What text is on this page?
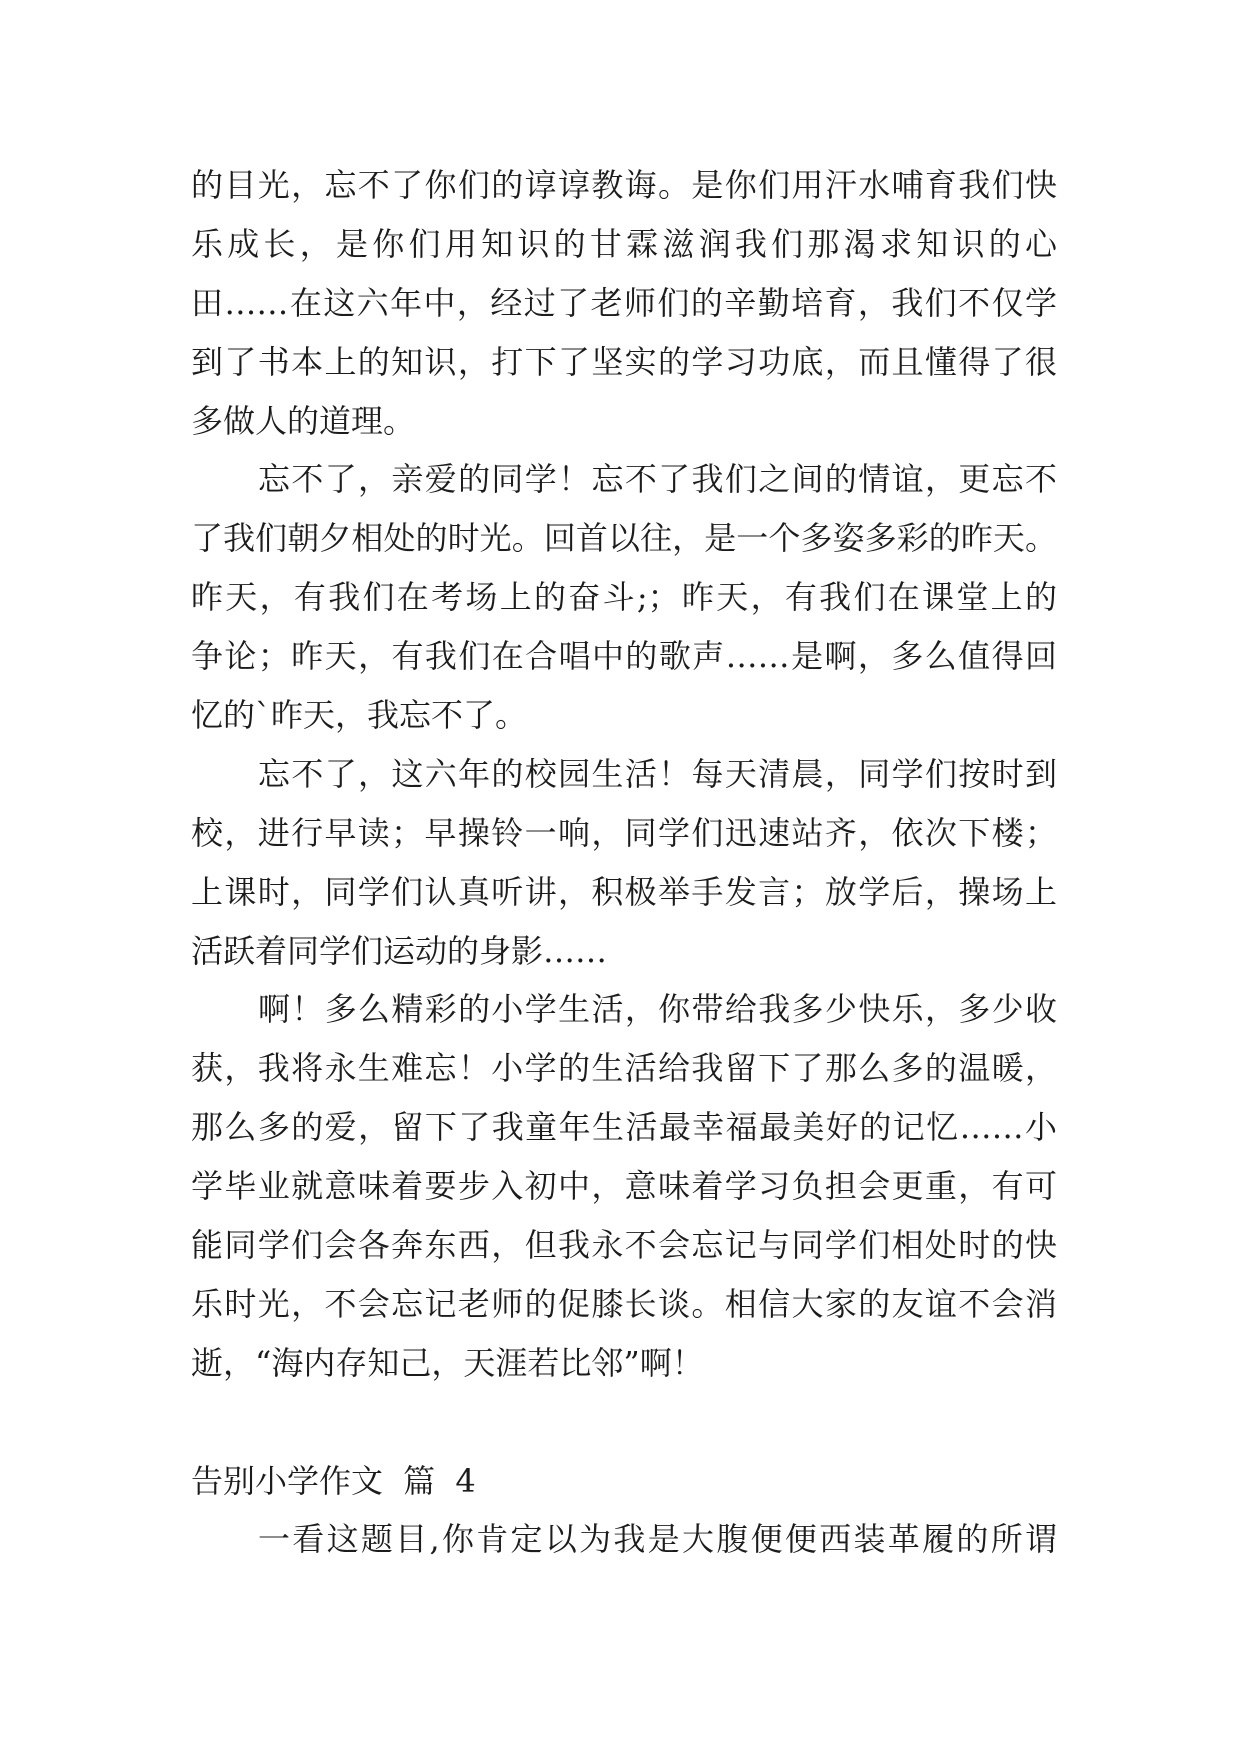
的目光，忘不了你们的谆谆教诲。是你们用汗水哺育我们快
乐成长，是你们用知识的甘霖滋润我们那渴求知识的心
田……在这六年中，经过了老师们的辛勤培育，我们不仅学
到了书本上的知识，打下了坚实的学习功底，而且懂得了很
多做人的道理。
忘不了，亲爱的同学！忘不了我们之间的情谊，更忘不
了我们朝夕相处的时光。回首以往，是一个多姿多彩的昨天。
昨天，有我们在考场上的奋斗;；昨天，有我们在课堂上的
争论；昨天，有我们在合唱中的歌声……是啊，多么值得回
忆的`昨天，我忘不了。
忘不了，这六年的校园生活！每天清晨，同学们按时到
校，进行早读；早操铃一响，同学们迅速站齐，依次下楼；
上课时，同学们认真听讲，积极举手发言；放学后，操场上
活跃着同学们运动的身影……
啊！多么精彩的小学生活，你带给我多少快乐，多少收
获，我将永生难忘！小学的生活给我留下了那么多的温暖，
那么多的爱，留下了我童年生活最幸福最美好的记忆……小
学毕业就意味着要步入初中，意味着学习负担会更重，有可
能同学们会各奔东西，但我永不会忘记与同学们相处时的快
乐时光，不会忘记老师的促膝长谈。相信大家的友谊不会消
逝，“海内存知己，天涯若比邻”啊！
告别小学作文 篇 4
一看这题目,你肯定以为我是大腹便便西装革履的所谓
